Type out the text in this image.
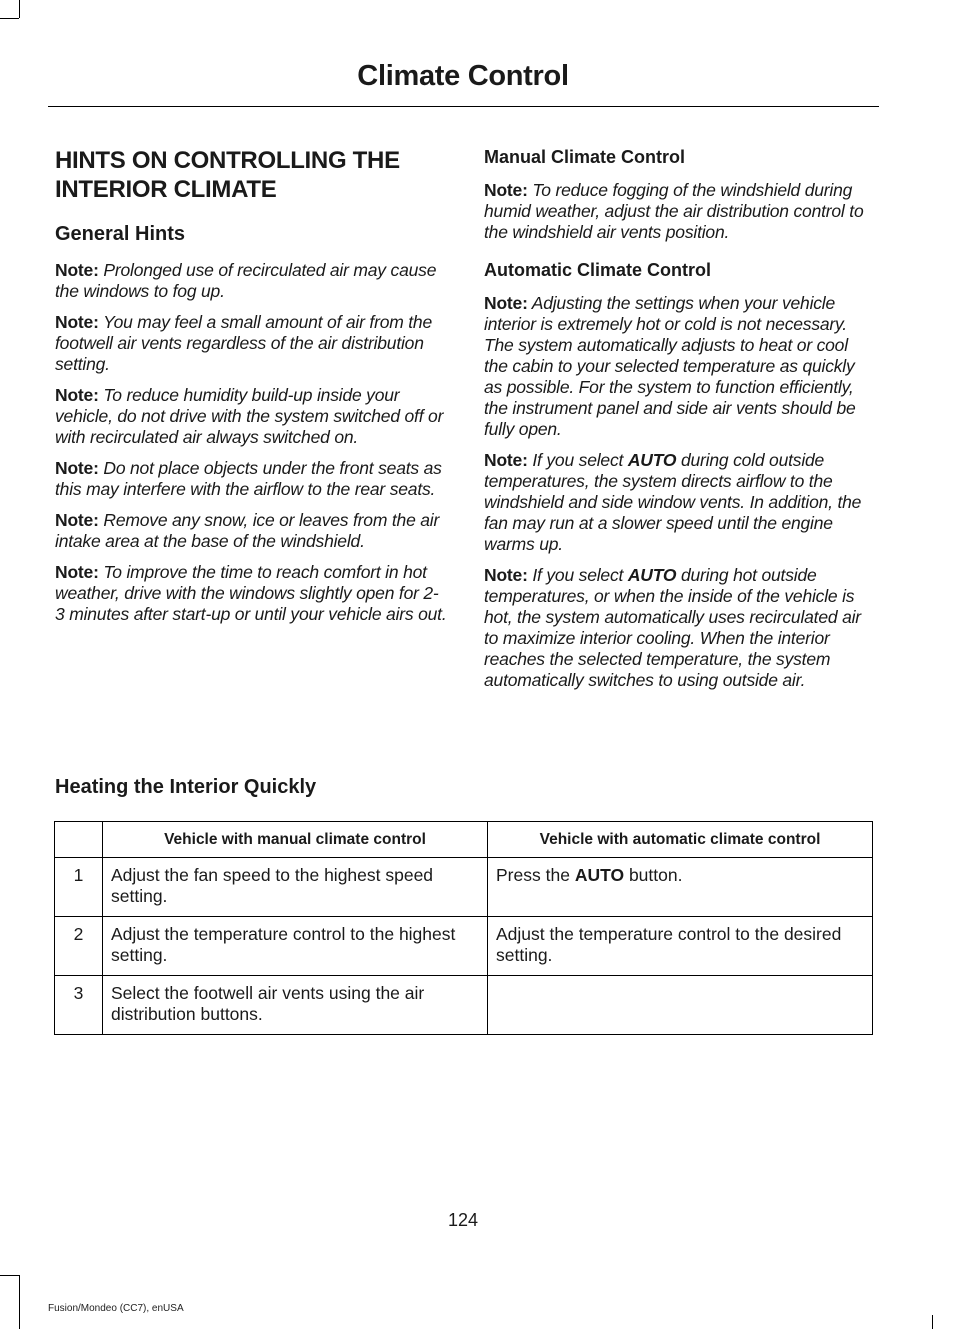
Climate Control
HINTS ON CONTROLLING THE INTERIOR CLIMATE
General Hints

Note: Prolonged use of recirculated air may cause the windows to fog up.

Note: You may feel a small amount of air from the footwell air vents regardless of the air distribution setting.

Note: To reduce humidity build-up inside your vehicle, do not drive with the system switched off or with recirculated air always switched on.

Note: Do not place objects under the front seats as this may interfere with the airflow to the rear seats.

Note: Remove any snow, ice or leaves from the air intake area at the base of the windshield.

Note: To improve the time to reach comfort in hot weather, drive with the windows slightly open for 2-3 minutes after start-up or until your vehicle airs out.

Manual Climate Control

Note: To reduce fogging of the windshield during humid weather, adjust the air distribution control to the windshield air vents position.

Automatic Climate Control

Note: Adjusting the settings when your vehicle interior is extremely hot or cold is not necessary. The system automatically adjusts to heat or cool the cabin to your selected temperature as quickly as possible. For the system to function efficiently, the instrument panel and side air vents should be fully open.

Note: If you select AUTO during cold outside temperatures, the system directs airflow to the windshield and side window vents. In addition, the fan may run at a slower speed until the engine warms up.

Note: If you select AUTO during hot outside temperatures, or when the inside of the vehicle is hot, the system automatically uses recirculated air to maximize interior cooling. When the interior reaches the selected temperature, the system automatically switches to using outside air.

Heating the Interior Quickly
	Vehicle with manual climate control	Vehicle with automatic climate control
1	Adjust the fan speed to the highest speed setting.	Press the AUTO button.
2	Adjust the temperature control to the highest setting.	Adjust the temperature control to the desired setting.
3	Select the footwell air vents using the air distribution buttons.	
124
Fusion/Mondeo (CC7), enUSA
